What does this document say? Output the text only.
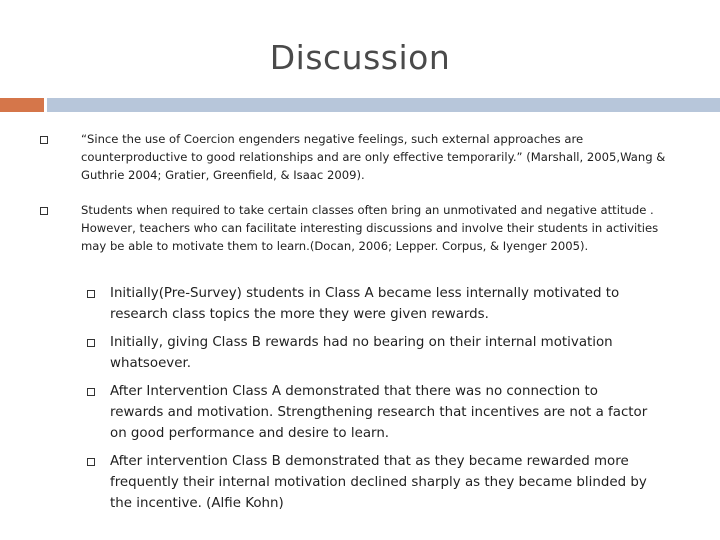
Discussion
“Since the use of Coercion engenders negative feelings, such external approaches are counterproductive to good relationships and are only effective temporarily.” (Marshall, 2005,Wang & Guthrie 2004; Gratier, Greenfield, & Isaac 2009).
Students when required to take certain classes often bring an unmotivated and negative attitude . However, teachers who can facilitate interesting discussions and involve their students in activities may be able to motivate them to learn.(Docan, 2006; Lepper. Corpus, & Iyenger 2005).
Initially(Pre-Survey) students in Class A became less internally motivated to research class topics the more they were given rewards.
Initially, giving Class B rewards had no bearing on their internal motivation whatsoever.
After Intervention Class A demonstrated that there was no connection to rewards and motivation. Strengthening research that incentives are not a factor on good performance and desire to learn.
After intervention Class B demonstrated that as they became rewarded more frequently their internal motivation declined sharply as they became blinded by the incentive. (Alfie Kohn)
